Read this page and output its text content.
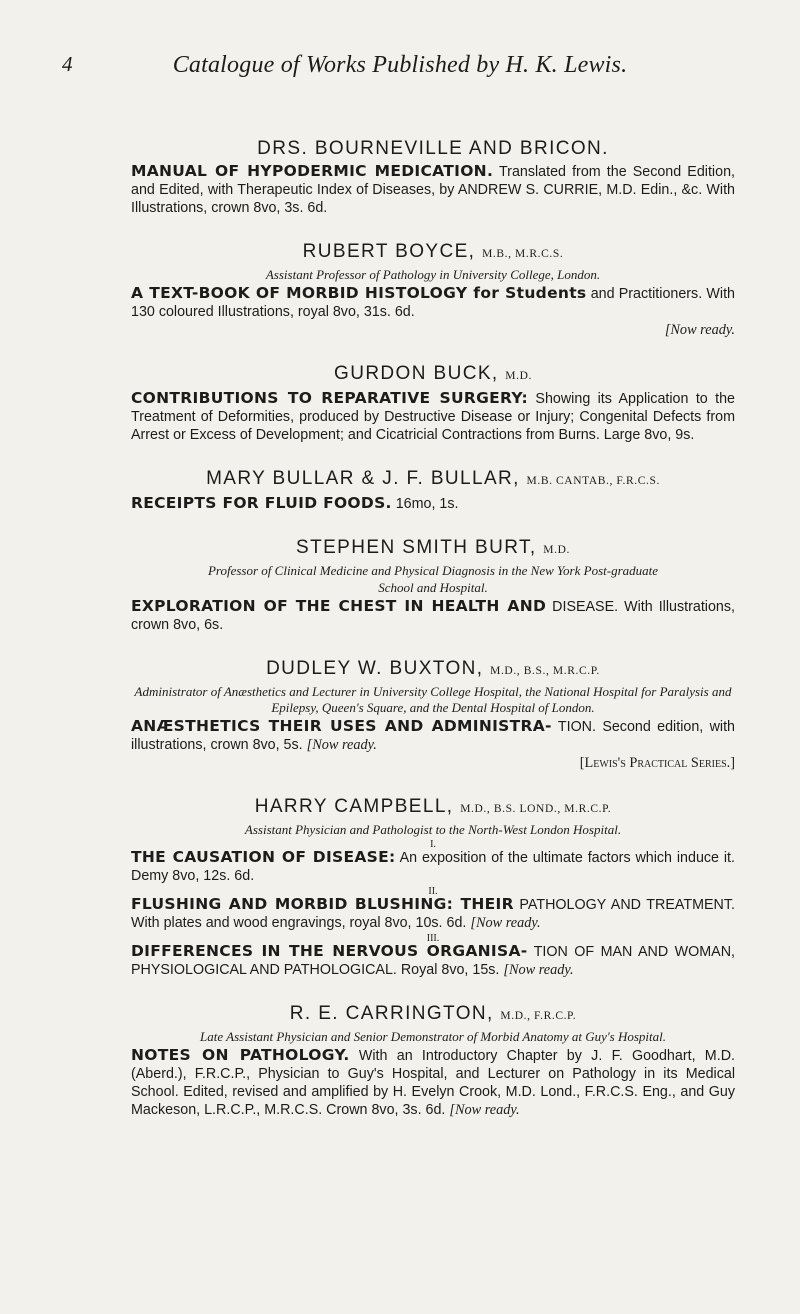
4	Catalogue of Works Published by H. K. Lewis.
DRS. BOURNEVILLE AND BRICON.
MANUAL OF HYPODERMIC MEDICATION. Translated from the Second Edition, and Edited, with Therapeutic Index of Diseases, by ANDREW S. CURRIE, M.D. Edin., &c. With Illustrations, crown 8vo, 3s. 6d.
RUBERT BOYCE, M.B., M.R.C.S.
Assistant Professor of Pathology in University College, London.
A TEXT-BOOK OF MORBID HISTOLOGY for Students and Practitioners. With 130 coloured Illustrations, royal 8vo, 31s. 6d.
[Now ready.
GURDON BUCK, M.D.
CONTRIBUTIONS TO REPARATIVE SURGERY: Showing its Application to the Treatment of Deformities, produced by Destructive Disease or Injury; Congenital Defects from Arrest or Excess of Development; and Cicatricial Contractions from Burns. Large 8vo, 9s.
MARY BULLAR & J. F. BULLAR, M.B. CANTAB., F.R.C.S.
RECEIPTS FOR FLUID FOODS. 16mo, 1s.
STEPHEN SMITH BURT, M.D.
Professor of Clinical Medicine and Physical Diagnosis in the New York Post-graduate
School and Hospital.
EXPLORATION OF THE CHEST IN HEALTH AND DISEASE. With Illustrations, crown 8vo, 6s.
DUDLEY W. BUXTON, M.D., B.S., M.R.C.P.
Administrator of Anæsthetics and Lecturer in University College Hospital, the National Hospital for Paralysis and Epilepsy, Queen's Square, and the Dental Hospital of London.
ANÆSTHETICS THEIR USES AND ADMINISTRA- TION. Second edition, with illustrations, crown 8vo, 5s. [Now ready.
[Lewis's Practical Series.]
HARRY CAMPBELL, M.D., B.S. LOND., M.R.C.P.
Assistant Physician and Pathologist to the North-West London Hospital.
I.
THE CAUSATION OF DISEASE: An exposition of the ultimate factors which induce it. Demy 8vo, 12s. 6d.
II.
FLUSHING AND MORBID BLUSHING: THEIR PATHOLOGY AND TREATMENT. With plates and wood engravings, royal 8vo, 10s. 6d. [Now ready.
III.
DIFFERENCES IN THE NERVOUS ORGANISA- TION OF MAN AND WOMAN, PHYSIOLOGICAL AND PATHOLOGICAL. Royal 8vo, 15s. [Now ready.
R. E. CARRINGTON, M.D., F.R.C.P.
Late Assistant Physician and Senior Demonstrator of Morbid Anatomy at Guy's Hospital.
NOTES ON PATHOLOGY. With an Introductory Chapter by J. F. Goodhart, M.D. (Aberd.), F.R.C.P., Physician to Guy's Hospital, and Lecturer on Pathology in its Medical School. Edited, revised and amplified by H. Evelyn Crook, M.D. Lond., F.R.C.S. Eng., and Guy Mackeson, L.R.C.P., M.R.C.S. Crown 8vo, 3s. 6d. [Now ready.
